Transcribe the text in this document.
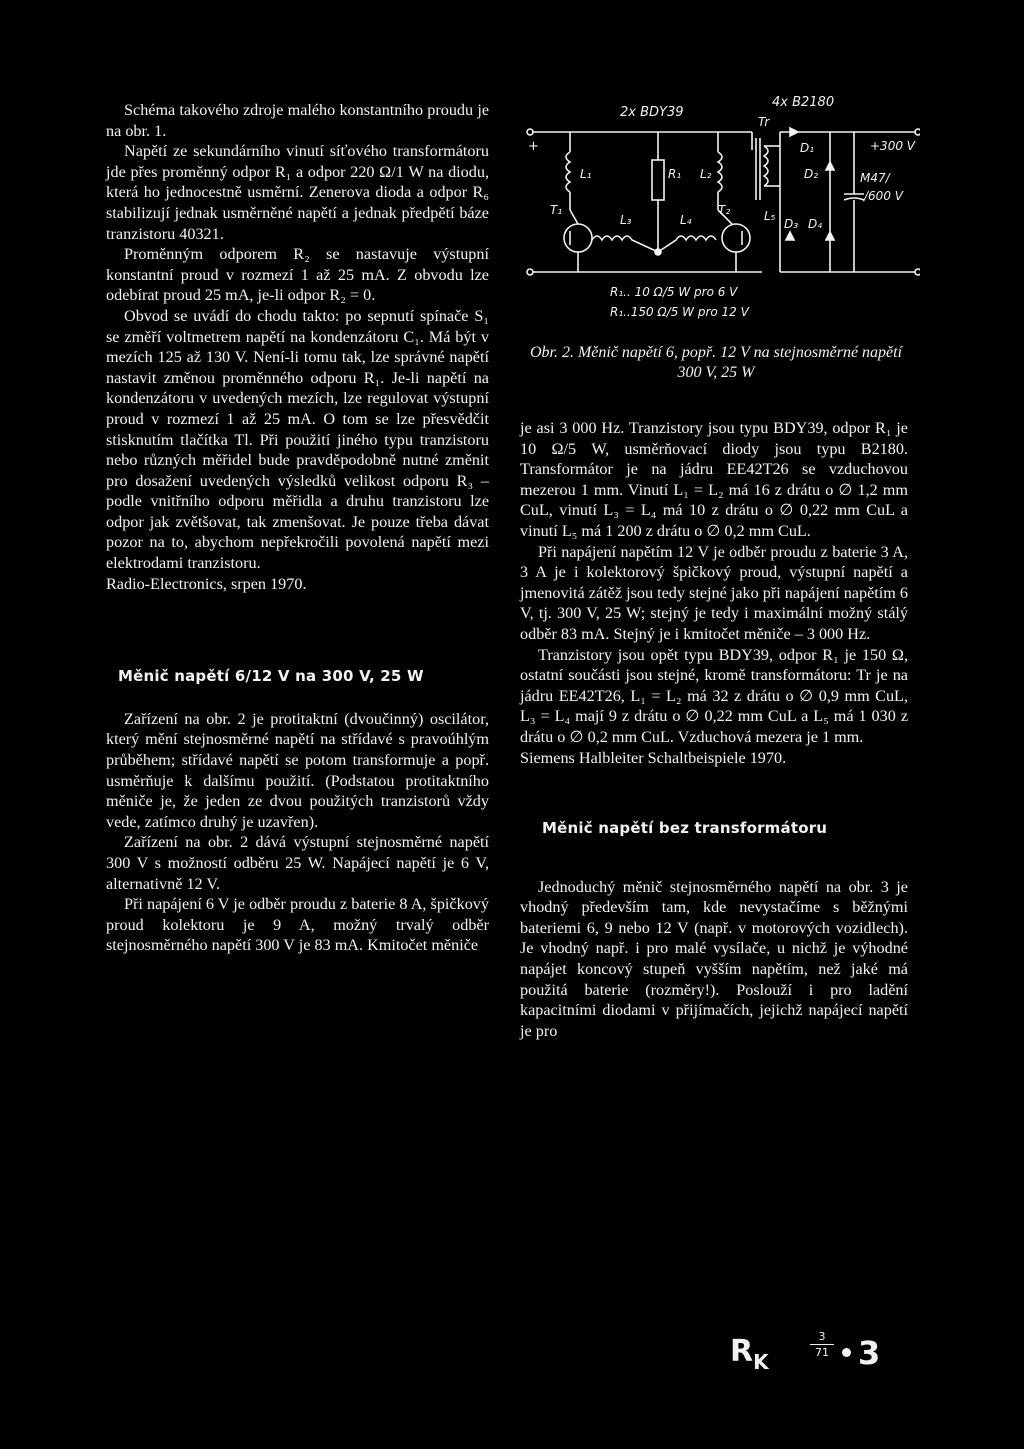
Schéma takového zdroje malého konstantního proudu je na obr. 1.

Napětí ze sekundárního vinutí síťového transformátoru jde přes proměnný odpor R₁ a odpor 220 Ω/1 W na diodu, která ho jednocestně usměrní. Zenerova dioda a odpor R₆ stabilizují jednak usměrněné napětí a jednak předpětí báze tranzistoru 40321.

Proměnným odporem R₂ se nastavuje výstupní konstantní proud v rozmezí 1 až 25 mA. Z obvodu lze odebírat proud 25 mA, je-li odpor R₂ = 0.

Obvod se uvádí do chodu takto: po sepnutí spínače S₁ se změří voltmetrem napětí na kondenzátoru C₁. Má být v mezích 125 až 130 V. Není-li tomu tak, lze správné napětí nastavit změnou proměnného odporu R₁. Je-li napětí na kondenzátoru v uvedených mezích, lze regulovat výstupní proud v rozmezí 1 až 25 mA. O tom se lze přesvědčit stisknutím tlačítka Tl. Při použití jiného typu tranzistoru nebo různých měřidel bude pravděpodobně nutné změnit pro dosažení uvedených výsledků velikost odporu R₃ – podle vnitřního odporu měřidla a druhu tranzistoru lze odpor jak zvětšovat, tak zmenšovat. Je pouze třeba dávat pozor na to, abychom nepřekročili povolená napětí mezi elektrodami tranzistoru.

Radio-Electronics, srpen 1970.

Měnič napětí 6/12 V na 300 V, 25 W

Zařízení na obr. 2 je protitaktní (dvoučinný) oscilátor, který mění stejnosměrné napětí na střídavé s pravoúhlým průběhem; střídavé napětí se potom transformuje a popř. usměrňuje k dalšímu použití. (Podstatou protitaktního měniče je, že jeden ze dvou použitých tranzistorů vždy vede, zatímco druhý je uzavřen).

Zařízení na obr. 2 dává výstupní stejnosměrné napětí 300 V s možností odběru 25 W. Napájecí napětí je 6 V, alternativně 12 V.

Při napájení 6 V je odběr proudu z baterie 8 A, špičkový proud kolektoru je 9 A, možný trvalý odběr stejnosměrného napětí 300 V je 83 mA. Kmitočet měniče

2x BDY39
4x B2180
Tr
+
L₁	R₁ L₂
T₁
L₃	L₄
T₂	L₅
D₁
D₂
D₃ D₄
+300 V
M47/
/600 V
R₁.. 10 Ω/5 W pro 6 V
R₁..150 Ω/5 W pro 12 V
Obr. 2. Měnič napětí 6, popř. 12 V na stejnosměrné napětí 300 V, 25 W

je asi 3 000 Hz. Tranzistory jsou typu BDY39, odpor R₁ je 10 Ω/5 W, usměrňovací diody jsou typu B2180. Transformátor je na jádru EE42T26 se vzduchovou mezerou 1 mm. Vinutí L₁ = L₂ má 16 z drátu o ∅ 1,2 mm CuL, vinutí L₃ = L₄ má 10 z drátu o ∅ 0,22 mm CuL a vinutí L₅ má 1 200 z drátu o ∅ 0,2 mm CuL.

Při napájení napětím 12 V je odběr proudu z baterie 3 A, 3 A je i kolektorový špičkový proud, výstupní napětí a jmenovitá zátěž jsou tedy stejné jako při napájení napětím 6 V, tj. 300 V, 25 W; stejný je tedy i maximální možný stálý odběr 83 mA. Stejný je i kmitočet měniče – 3 000 Hz.

Tranzistory jsou opět typu BDY39, odpor R₁ je 150 Ω, ostatní součásti jsou stejné, kromě transformátoru: Tr je na jádru EE42T26, L₁ = L₂ má 32 z drátu o ∅ 0,9 mm CuL, L₃ = L₄ mají 9 z drátu o ∅ 0,22 mm CuL a L₅ má 1 030 z drátu o ∅ 0,2 mm CuL. Vzduchová mezera je 1 mm.

Siemens Halbleiter Schaltbeispiele 1970.

Měnič napětí bez transformátoru

Jednoduchý měnič stejnosměrného napětí na obr. 3 je vhodný především tam, kde nevystačíme s běžnými bateriemi 6, 9 nebo 12 V (např. v motorových vozidlech). Je vhodný např. i pro malé vysílače, u nichž je výhodné napájet koncový stupeň vyšším napětím, než jaké má použitá baterie (rozměry!). Poslouží i pro ladění kapacitními diodami v přijímačích, jejichž napájecí napětí je pro

$R_K$
3
71 3
